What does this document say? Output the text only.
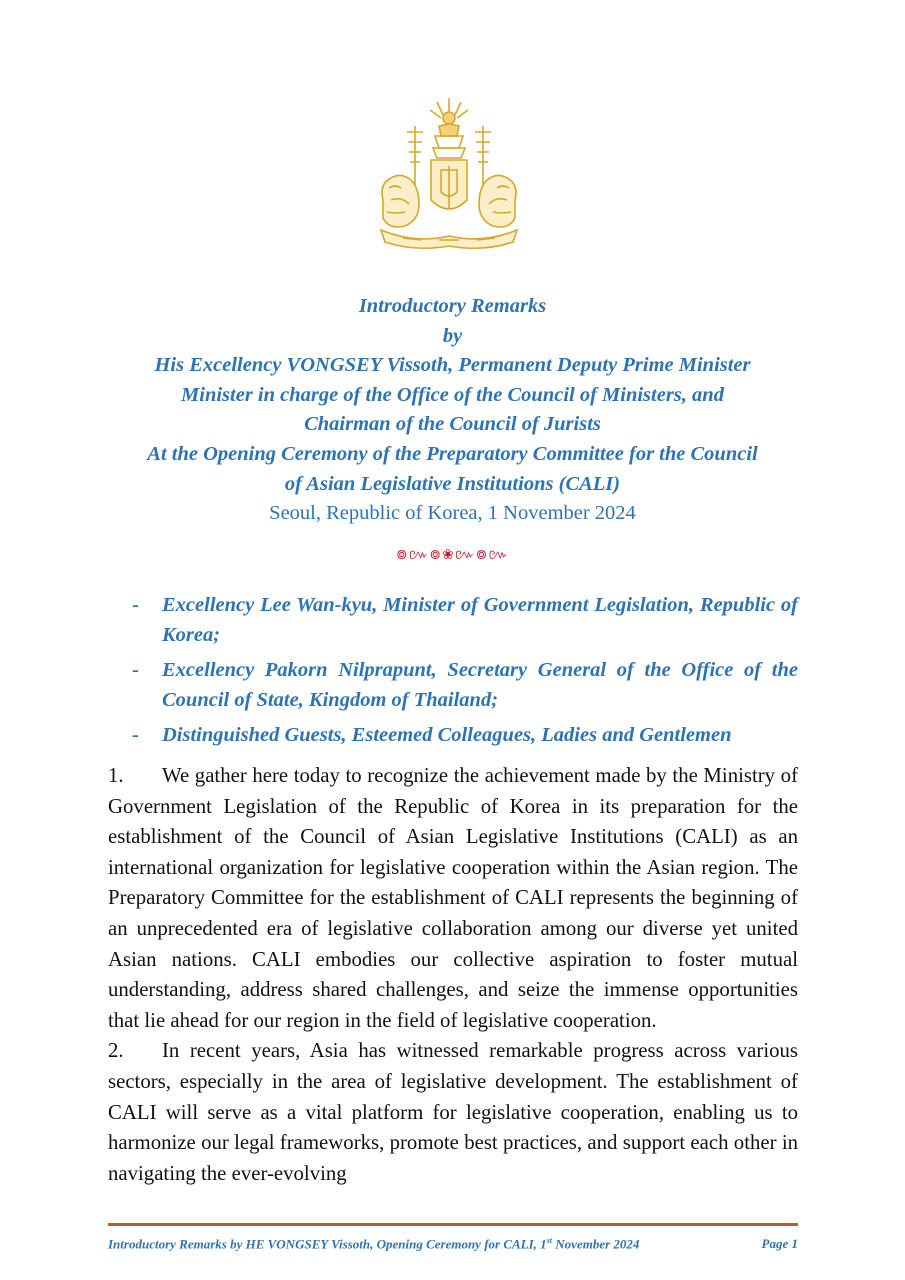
Introductory Remarks
by
His Excellency VONGSEY Vissoth, Permanent Deputy Prime Minister
Minister in charge of the Office of the Council of Ministers, and
Chairman of the Council of Jurists
At the Opening Ceremony of the Preparatory Committee for the Council
of Asian Legislative Institutions (CALI)
Seoul, Republic of Korea, 1 November 2024
៙៚៙❀៚៙៚
- Excellency Lee Wan-kyu, Minister of Government Legislation, Republic of Korea;
- Excellency Pakorn Nilprapunt, Secretary General of the Office of the Council of State, Kingdom of Thailand;
- Distinguished Guests, Esteemed Colleagues, Ladies and Gentlemen

1. We gather here today to recognize the achievement made by the Ministry of Government Legislation of the Republic of Korea in its preparation for the establishment of the Council of Asian Legislative Institutions (CALI) as an international organization for legislative cooperation within the Asian region. The Preparatory Committee for the establishment of CALI represents the beginning of an unprecedented era of legislative collaboration among our diverse yet united Asian nations. CALI embodies our collective aspiration to foster mutual understanding, address shared challenges, and seize the immense opportunities that lie ahead for our region in the field of legislative cooperation.

2. In recent years, Asia has witnessed remarkable progress across various sectors, especially in the area of legislative development. The establishment of CALI will serve as a vital platform for legislative cooperation, enabling us to harmonize our legal frameworks, promote best practices, and support each other in navigating the ever-evolving

Introductory Remarks by HE VONGSEY Vissoth, Opening Ceremony for CALI, 1st November 2024	Page 1
